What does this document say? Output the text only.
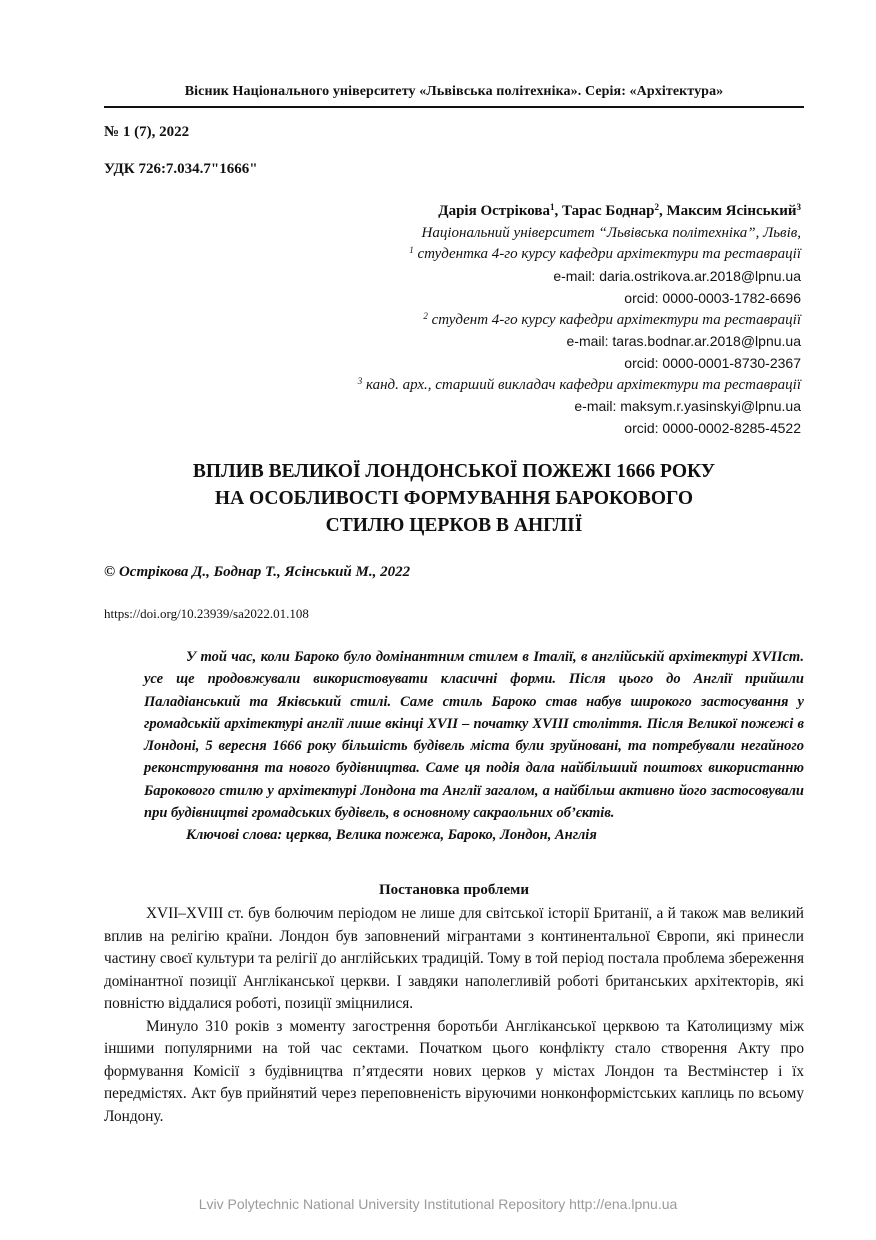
Вісник Національного університету «Львівська політехніка». Серія: «Архітектура»
№ 1 (7), 2022
УДК 726:7.034.7"1666"
Дарія Острікова$^1$, Тарас Боднар$^2$, Максим Ясінський$^3$
Національний університет “Львівська політехніка”, Львів,
$^1$ студентка 4-го курсу кафедри архітектури та реставрації
e-mail: daria.ostrikova.ar.2018@lpnu.ua
orcid: 0000-0003-1782-6696
$^2$ студент 4-го курсу кафедри архітектури та реставрації
e-mail: taras.bodnar.ar.2018@lpnu.ua
orcid: 0000-0001-8730-2367
$^3$ канд. арх., старший викладач кафедри архітектури та реставрації
e-mail: maksym.r.yasinskyi@lpnu.ua
orcid: 0000-0002-8285-4522
ВПЛИВ ВЕЛИКОЇ ЛОНДОНСЬКОЇ ПОЖЕЖІ 1666 РОКУ
НА ОСОБЛИВОСТІ ФОРМУВАННЯ БАРОКОВОГО
СТИЛЮ ЦЕРКОВ В АНГЛІЇ
© Острікова Д., Боднар Т., Ясінський М., 2022
https://doi.org/10.23939/sa2022.01.108

У той час, коли Бароко було домінантним стилем в Італії, в англійській архітектурі XVIIст. усе ще продовжували використовувати класичні форми. Після цього до Англії прийшли Паладіанський та Яківський стилі. Саме стиль Бароко став набув широкого застосування у громадській архітектурі англії лише вкінці XVII – початку XVIII століття. Після Великої пожежі в Лондоні, 5 вересня 1666 року більшість будівель міста були зруйновані, та потребували негайного реконструювання та нового будівництва. Саме ця подія дала найбільший поштовх використанню Барокового стилю у архітектурі Лондона та Англії загалом, а найбільш активно його застосовували при будівництві громадських будівель, в основному сакраольних об’єктів.

Ключові слова: церква, Велика пожежа, Бароко, Лондон, Англія

Постановка проблеми

XVII–XVIII ст. був болючим періодом не лише для світської історії Британії, а й також мав великий вплив на релігію країни. Лондон був заповнений мігрантами з континентальної Європи, які принесли частину своєї культури та релігії до англійських традицій. Тому в той період постала проблема збереження домінантної позиції Англіканської церкви. І завдяки наполегливій роботі британських архітекторів, які повністю віддалися роботі, позиції зміцнилися.

Минуло 310 років з моменту загострення боротьби Англіканської церквою та Католицизму між іншими популярними на той час сектами. Початком цього конфлікту стало створення Акту про формування Комісії з будівництва п’ятдесяти нових церков у містах Лондон та Вестмінстер і їх передмістях. Акт був прийнятий через переповненість віруючими нонконформістських каплиць по всьому Лондону.

Lviv Polytechnic National University Institutional Repository http://ena.lpnu.ua
